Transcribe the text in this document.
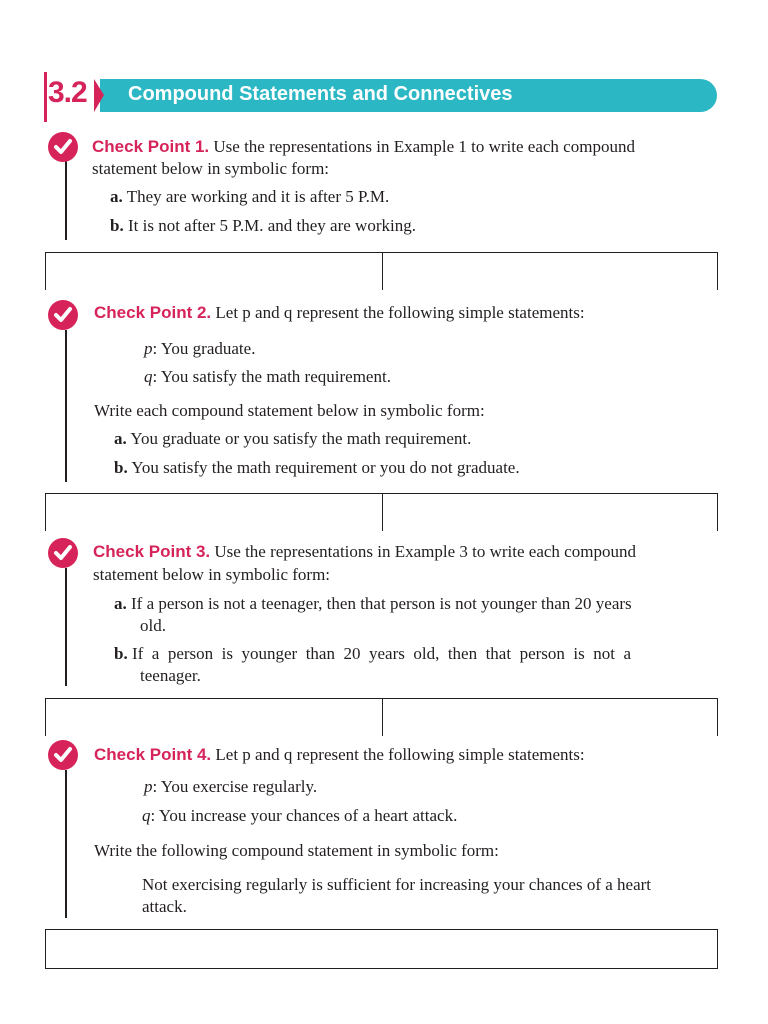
3.2 Compound Statements and Connectives
Check Point 1. Use the representations in Example 1 to write each compound
statement below in symbolic form:
a. They are working and it is after 5 P.M.
b. It is not after 5 P.M. and they are working.
Check Point 2. Let p and q represent the following simple statements:
p: You graduate.
q: You satisfy the math requirement.
Write each compound statement below in symbolic form:
a. You graduate or you satisfy the math requirement.
b. You satisfy the math requirement or you do not graduate.
Check Point 3. Use the representations in Example 3 to write each compound
statement below in symbolic form:
a. If a person is not a teenager, then that person is not younger than 20 years
old.
b. If  a  person  is  younger  than  20  years  old,  then  that  person  is  not  a
teenager.
Check Point 4. Let p and q represent the following simple statements:
p: You exercise regularly.
q: You increase your chances of a heart attack.
Write the following compound statement in symbolic form:
Not exercising regularly is sufficient for increasing your chances of a heart
attack.
